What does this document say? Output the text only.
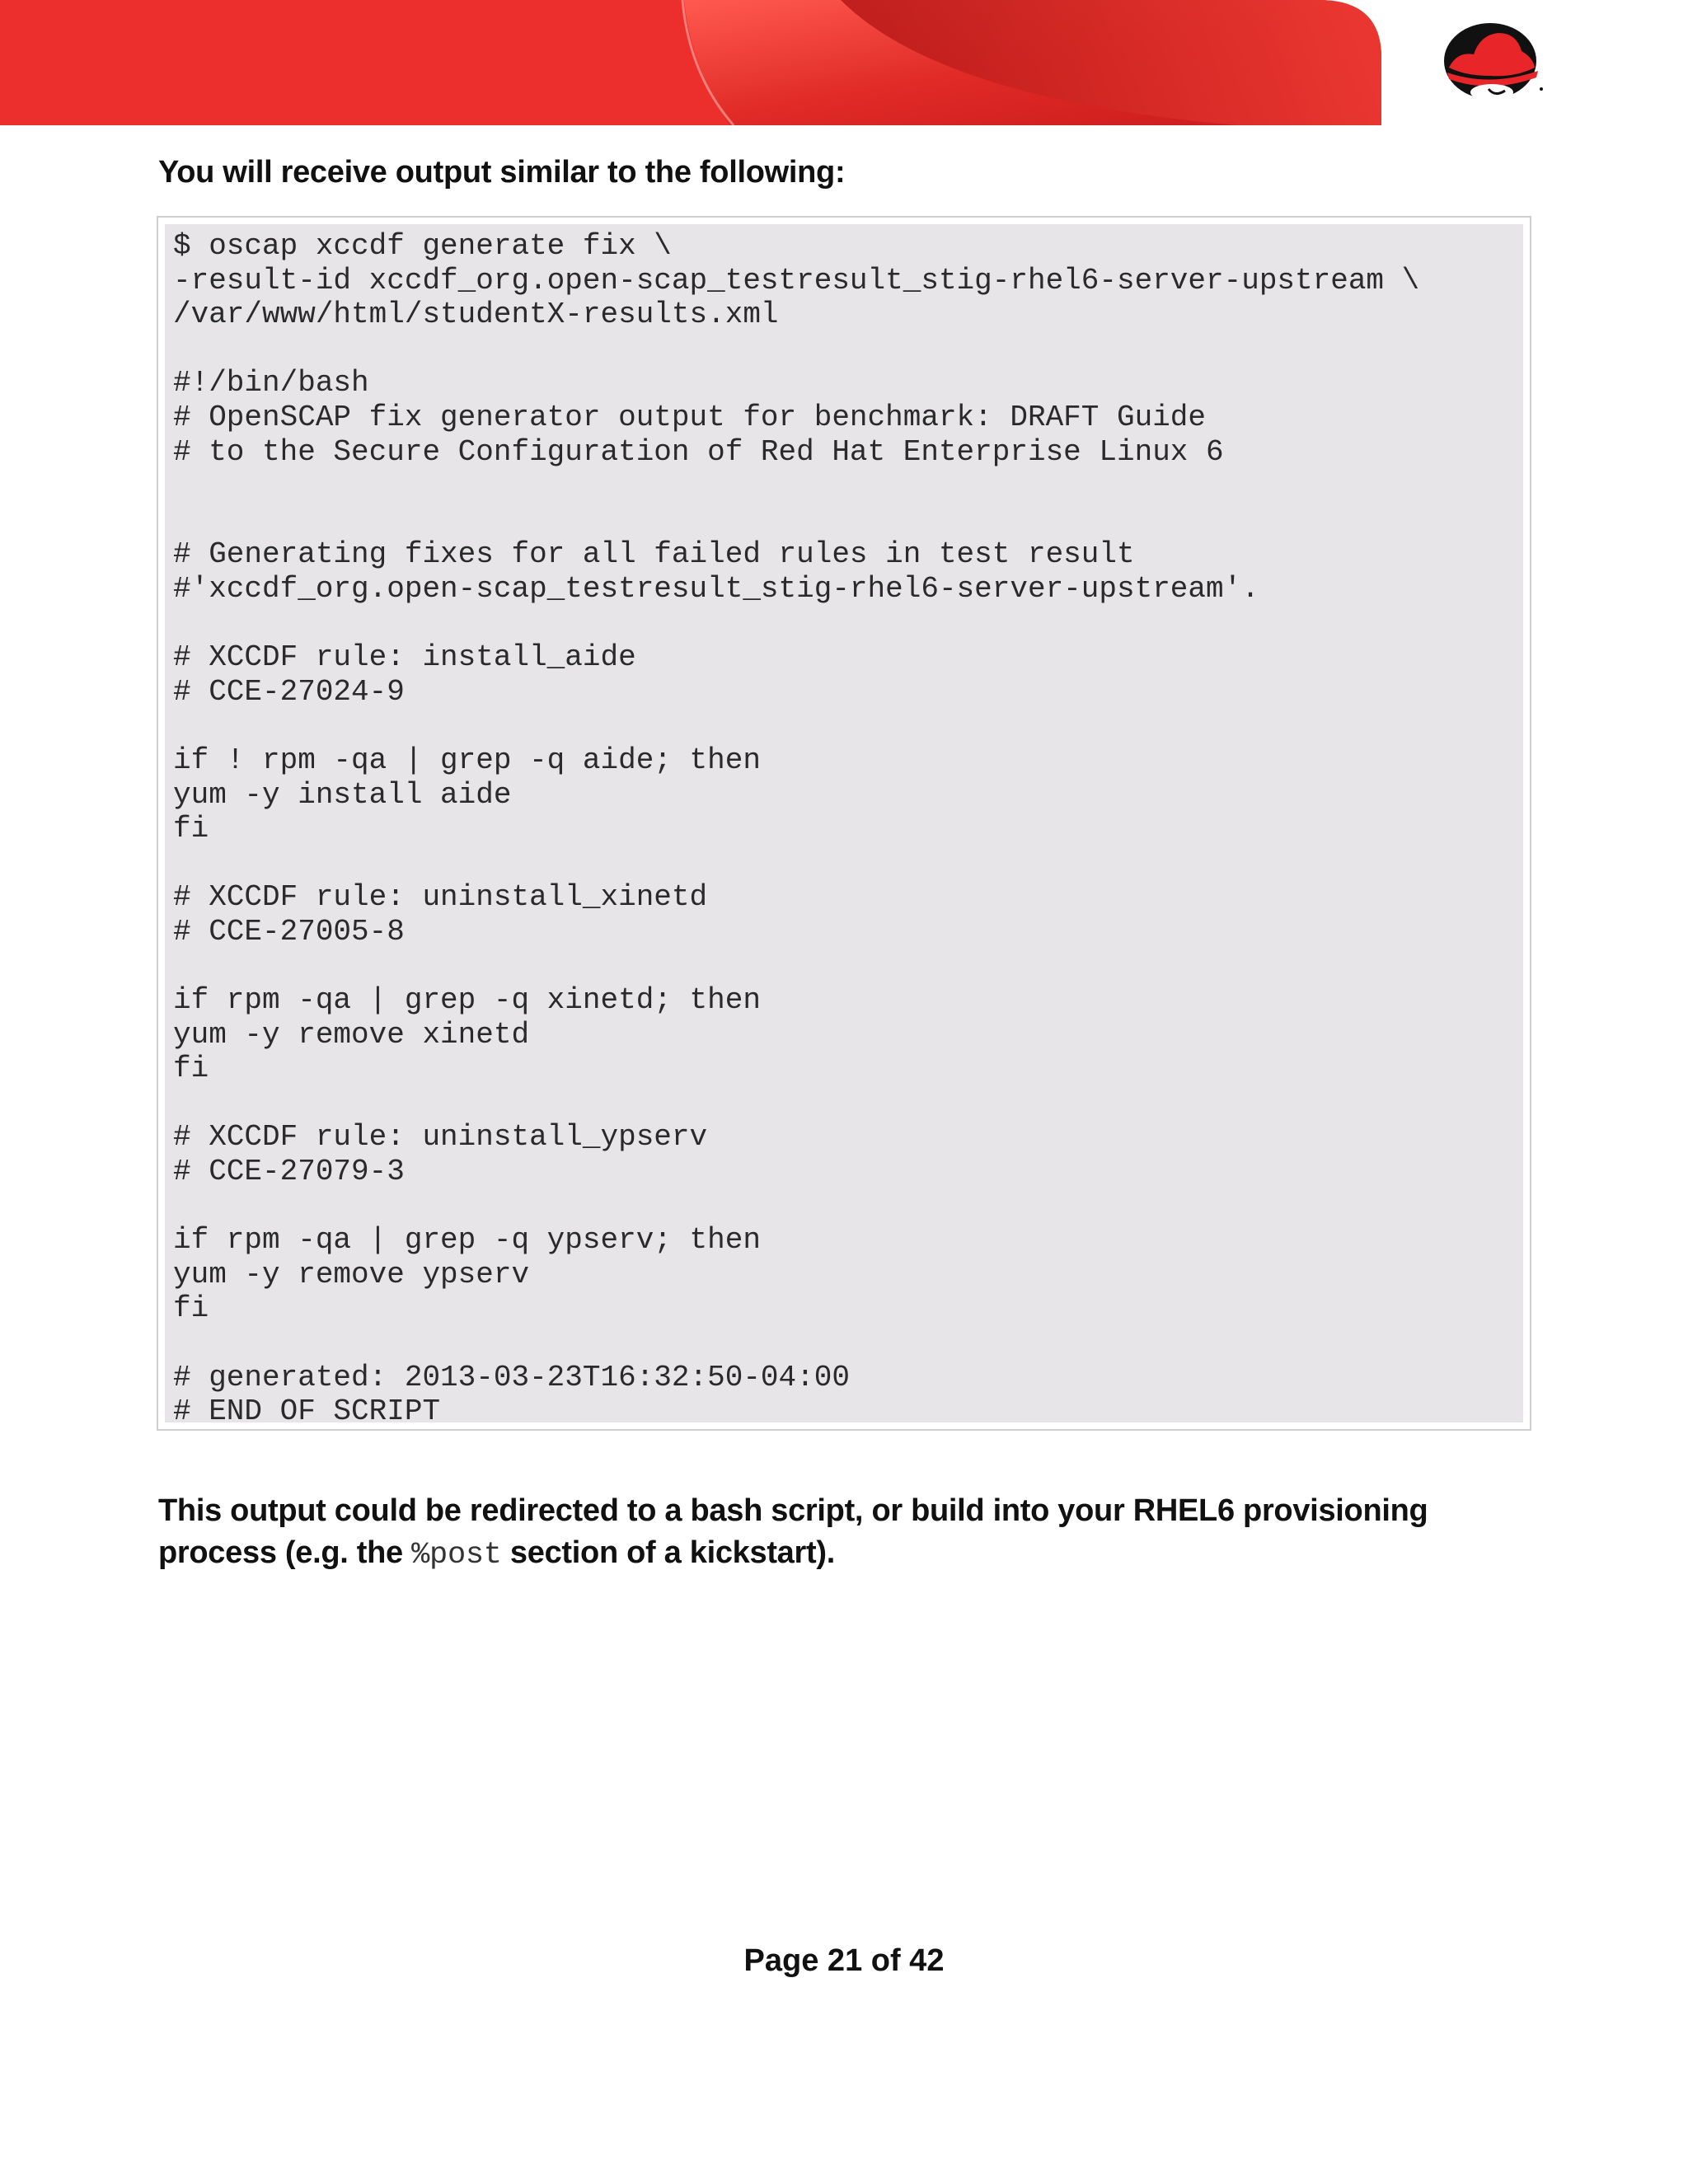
You will receive output similar to the following:

$ oscap xccdf generate fix \
-result-id xccdf_org.open-scap_testresult_stig-rhel6-server-upstream \
/var/www/html/studentX-results.xml
#!/bin/bash
# OpenSCAP fix generator output for benchmark: DRAFT Guide
# to the Secure Configuration of Red Hat Enterprise Linux 6
# Generating fixes for all failed rules in test result
#'xccdf_org.open-scap_testresult_stig-rhel6-server-upstream'.
# XCCDF rule: install_aide
# CCE-27024-9
if ! rpm -qa | grep -q aide; then
yum -y install aide
fi
# XCCDF rule: uninstall_xinetd
# CCE-27005-8
if rpm -qa | grep -q xinetd; then
yum -y remove xinetd
fi
# XCCDF rule: uninstall_ypserv
# CCE-27079-3
if rpm -qa | grep -q ypserv; then
yum -y remove ypserv
fi
# generated: 2013-03-23T16:32:50-04:00
# END OF SCRIPT

This output could be redirected to a bash script, or build into your RHEL6 provisioning process (e.g. the %post section of a kickstart).

Page 21 of 42
